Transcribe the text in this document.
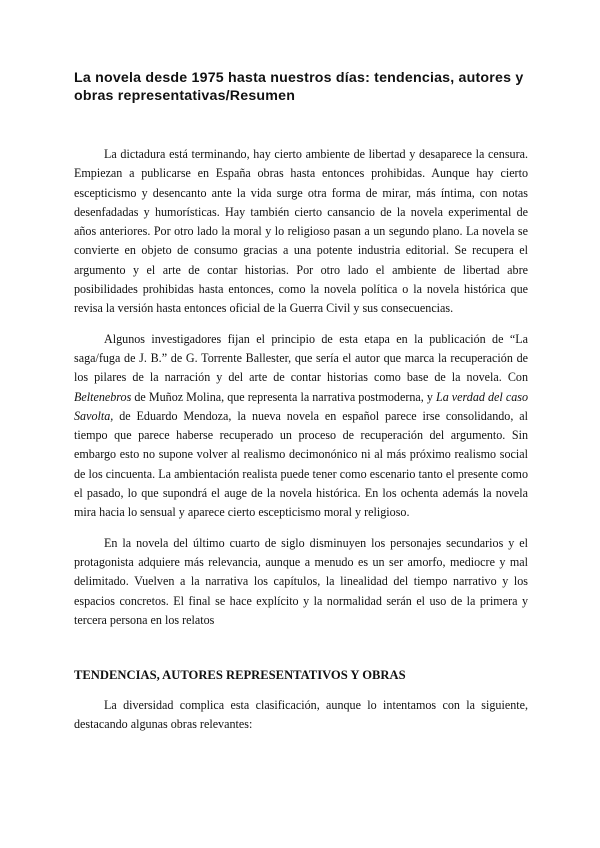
La novela desde 1975 hasta nuestros días: tendencias, autores y obras representativas/Resumen

La dictadura está terminando, hay cierto ambiente de libertad y desaparece la censura. Empiezan a publicarse en España obras hasta entonces prohibidas. Aunque hay cierto escepticismo y desencanto ante la vida surge otra forma de mirar, más íntima, con notas desenfadadas y humorísticas. Hay también cierto cansancio de la novela experimental de años anteriores. Por otro lado la moral y lo religioso pasan a un segundo plano. La novela se convierte en objeto de consumo gracias a una potente industria editorial. Se recupera el argumento y el arte de contar historias. Por otro lado el ambiente de libertad abre posibilidades prohibidas hasta entonces, como la novela política o la novela histórica que revisa la versión hasta entonces oficial de la Guerra Civil y sus consecuencias.

Algunos investigadores fijan el principio de esta etapa en la publicación de “La saga/fuga de J. B.” de G. Torrente Ballester, que sería el autor que marca la recuperación de los pilares de la narración y del arte de contar historias como base de la novela. Con Beltenebros de Muñoz Molina, que representa la narrativa postmoderna, y La verdad del caso Savolta, de Eduardo Mendoza, la nueva novela en español parece irse consolidando, al tiempo que parece haberse recuperado un proceso de recuperación del argumento. Sin embargo esto no supone volver al realismo decimonónico ni al más próximo realismo social de los cincuenta. La ambientación realista puede tener como escenario tanto el presente como el pasado, lo que supondrá el auge de la novela histórica. En los ochenta además la novela mira hacia lo sensual y aparece cierto escepticismo moral y religioso.

En la novela del último cuarto de siglo disminuyen los personajes secundarios y el protagonista adquiere más relevancia, aunque a menudo es un ser amorfo, mediocre y mal delimitado. Vuelven a la narrativa los capítulos, la linealidad del tiempo narrativo y los espacios concretos. El final se hace explícito y la normalidad serán el uso de la primera y tercera persona en los relatos

TENDENCIAS, AUTORES REPRESENTATIVOS Y OBRAS

La diversidad complica esta clasificación, aunque lo intentamos con la siguiente, destacando algunas obras relevantes:
